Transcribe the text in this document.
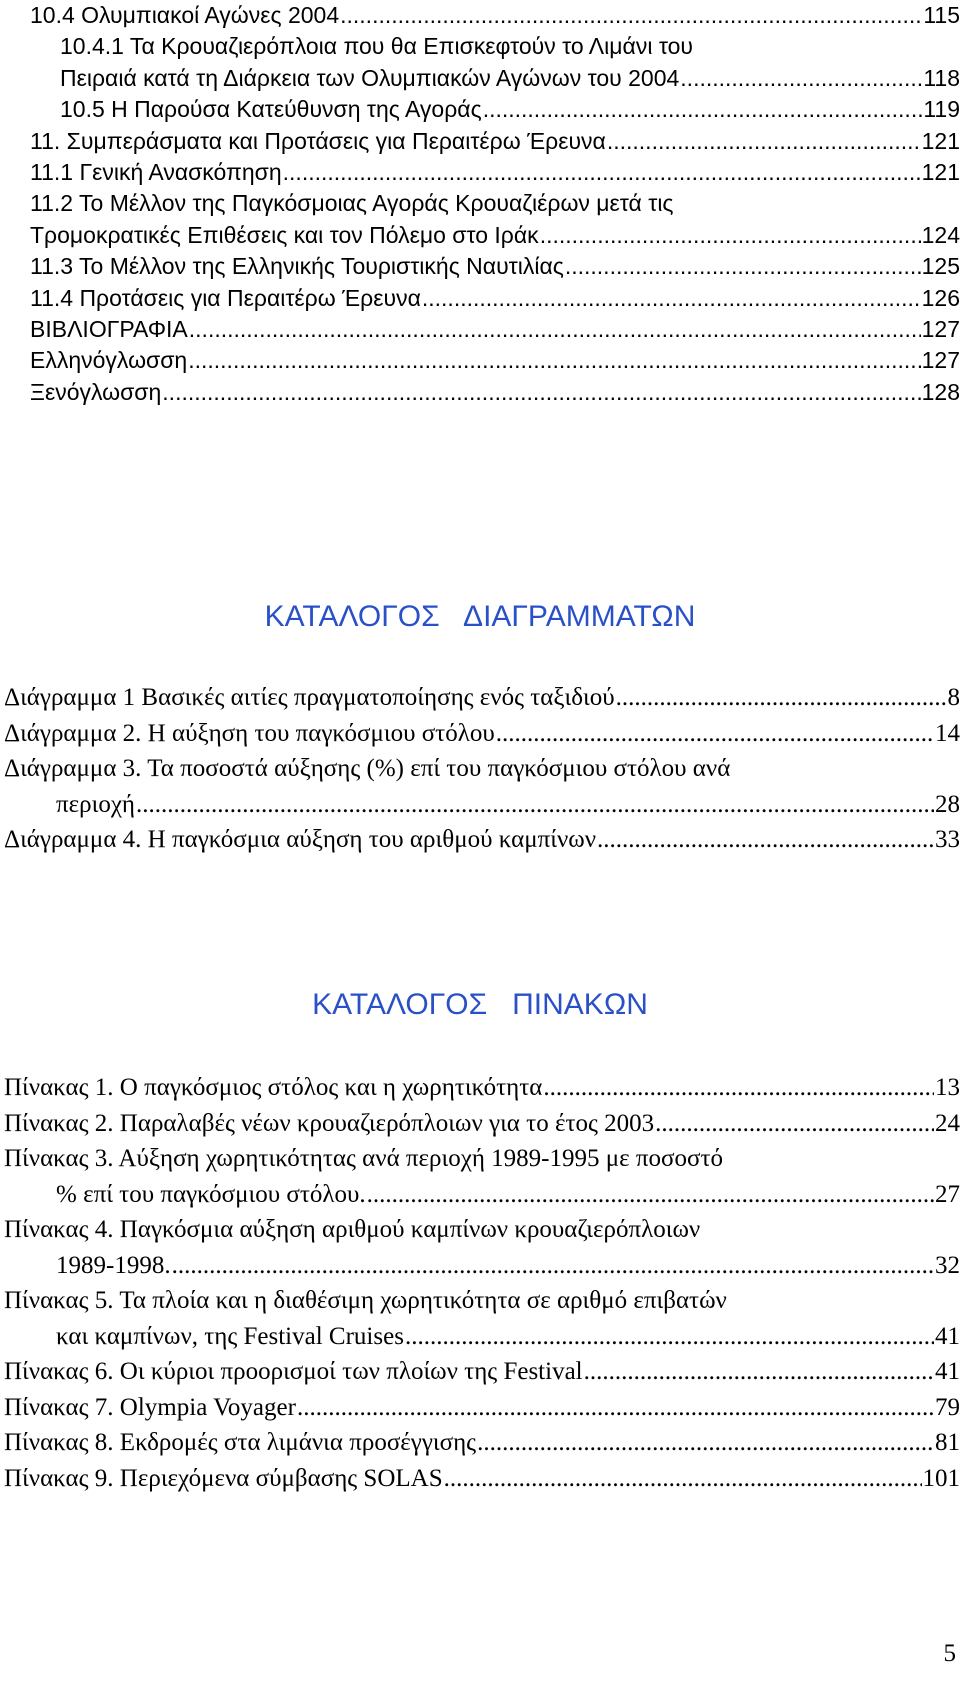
10.4 Ολυμπιακοί Αγώνες 2004 .....	115
10.4.1 Τα Κρουαζιερόπλοια που θα Επισκεφτούν το Λιμάνι του
Πειραιά κατά τη Διάρκεια των Ολυμπιακών Αγώνων του 2004 .....	118
10.5 Η Παρούσα Κατεύθυνση της Αγοράς .....	119
11. Συμπεράσματα και Προτάσεις για Περαιτέρω Έρευνα .....	121
11.1 Γενική Ανασκόπηση .....	121
11.2 Το Μέλλον της Παγκόσμοιας Αγοράς Κρουαζιέρων μετά τις
Τρομοκρατικές Επιθέσεις και τον Πόλεμο στο Ιράκ .....	124
11.3 Το Μέλλον της Ελληνικής Τουριστικής Ναυτιλίας .....	125
11.4 Προτάσεις για Περαιτέρω Έρευνα .....	126
ΒΙΒΛΙΟΓΡΑΦΙΑ .....	127
Ελληνόγλωσση .....	127
Ξενόγλωσση .....	128
ΚΑΤΑΛΟΓΟΣ   ΔΙΑΓΡΑΜΜΑΤΩΝ
Διάγραμμα 1 Βασικές αιτίες πραγματοποίησης ενός ταξιδιού .....	8
Διάγραμμα 2. Η αύξηση του παγκόσμιου στόλου .....	14
Διάγραμμα 3. Τα ποσοστά αύξησης (%) επί του παγκόσμιου στόλου ανά
περιοχή .....	28
Διάγραμμα 4. Η παγκόσμια αύξηση του αριθμού καμπίνων .....	33
ΚΑΤΑΛΟΓΟΣ   ΠΙΝΑΚΩΝ
Πίνακας 1. Ο παγκόσμιος στόλος και η χωρητικότητα .....	13
Πίνακας 2. Παραλαβές νέων κρουαζιερόπλοιων για το έτος 2003 .....	24
Πίνακας 3. Αύξηση χωρητικότητας ανά περιοχή 1989-1995 με ποσοστό
% επί του παγκόσμιου στόλου. .....	27
Πίνακας 4. Παγκόσμια αύξηση αριθμού καμπίνων κρουαζιερόπλοιων
1989-1998. .....	32
Πίνακας 5. Τα πλοία και η διαθέσιμη χωρητικότητα σε αριθμό επιβατών
και καμπίνων, της Festival Cruises .....	41
Πίνακας 6. Οι κύριοι προορισμοί των πλοίων της Festival .....	41
Πίνακας 7. Olympia Voyager .....	79
Πίνακας 8. Εκδρομές στα λιμάνια προσέγγισης .....	81
Πίνακας 9. Περιεχόμενα σύμβασης SOLAS .....	101
5
